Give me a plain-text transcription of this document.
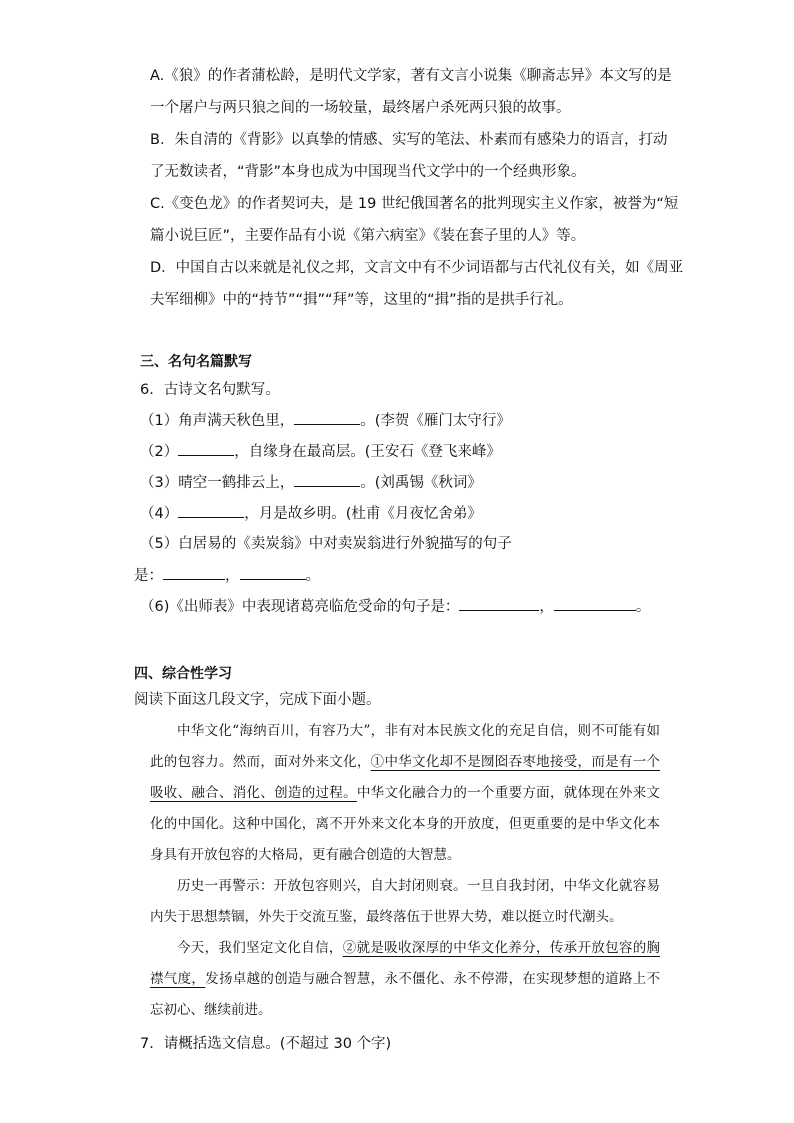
A.《狼》的作者蒲松龄，是明代文学家，著有文言小说集《聊斋志异》本文写的是
一个屠户与两只狼之间的一场较量，最终屠户杀死两只狼的故事。
B．朱自清的《背影》以真挚的情感、实写的笔法、朴素而有感染力的语言，打动
了无数读者，“背影”本身也成为中国现当代文学中的一个经典形象。
C.《变色龙》的作者契诃夫，是 19 世纪俄国著名的批判现实主义作家，被誉为“短
篇小说巨匠”，主要作品有小说《第六病室》《装在套子里的人》等。
D．中国自古以来就是礼仪之邦，文言文中有不少词语都与古代礼仪有关，如《周亚
夫军细柳》中的“持节”“揖”“拜”等，这里的“揖”指的是拱手行礼。
三、名句名篇默写
6．古诗文名句默写。
（1）角声满天秋色里，	。(李贺《雁门太守行》
（2）	，自缘身在最高层。(王安石《登飞来峰》
（3）晴空一鹤排云上，	。(刘禹锡《秋词》
（4）	，月是故乡明。(杜甫《月夜忆舍弟》
（5）白居易的《卖炭翁》中对卖炭翁进行外貌描写的句子
是：	，	。
（6)《出师表》中表现诸葛亮临危受命的句子是：	，	。
四、综合性学习
阅读下面这几段文字，完成下面小题。

中华文化“海纳百川，有容乃大”，非有对本民族文化的充足自信，则不可能有如此的包容力。然而，面对外来文化，①中华文化却不是囫囵吞枣地接受，而是有一个吸收、融合、消化、创造的过程。中华文化融合力的一个重要方面，就体现在外来文化的中国化。这种中国化，离不开外来文化本身的开放度，但更重要的是中华文化本身具有开放包容的大格局，更有融合创造的大智慧。

历史一再警示：开放包容则兴，自大封闭则衰。一旦自我封闭，中华文化就容易内失于思想禁锢，外失于交流互鉴，最终落伍于世界大势，难以挺立时代潮头。

今天，我们坚定文化自信，②就是吸收深厚的中华文化养分，传承开放包容的胸襟气度，发扬卓越的创造与融合智慧，永不僵化、永不停滞，在实现梦想的道路上不忘初心、继续前进。

7．请概括选文信息。(不超过 30 个字)
